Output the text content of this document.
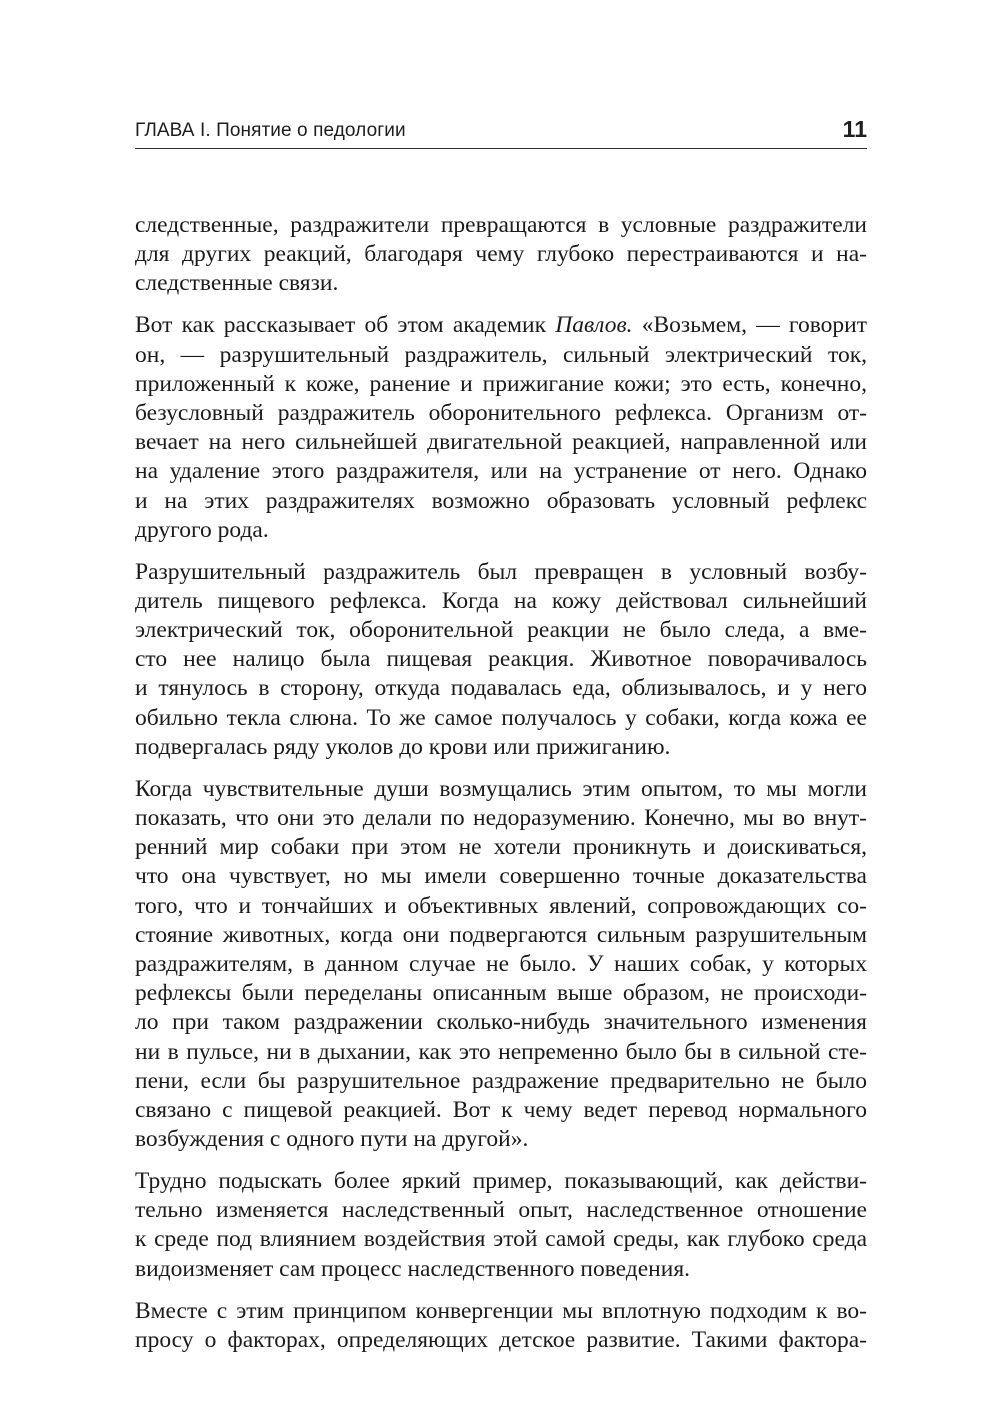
ГЛАВА I. Понятие о педологии	11

следственные, раздражители превращаются в условные раздражители
для других реакций, благодаря чему глубоко перестраиваются и на-
следственные связи.

Вот как рассказывает об этом академик Павлов. «Возьмем, — говорит
он, — разрушительный раздражитель, сильный электрический ток,
приложенный к коже, ранение и прижигание кожи; это есть, конечно,
безусловный раздражитель оборонительного рефлекса. Организм от-
вечает на него сильнейшей двигательной реакцией, направленной или
на удаление этого раздражителя, или на устранение от него. Однако
и на этих раздражителях возможно образовать условный рефлекс
другого рода.

Разрушительный раздражитель был превращен в условный возбу-
дитель пищевого рефлекса. Когда на кожу действовал сильнейший
электрический ток, оборонительной реакции не было следа, а вме-
сто нее налицо была пищевая реакция. Животное поворачивалось
и тянулось в сторону, откуда подавалась еда, облизывалось, и у него
обильно текла слюна. То же самое получалось у собаки, когда кожа ее
подвергалась ряду уколов до крови или прижиганию.

Когда чувствительные души возмущались этим опытом, то мы могли
показать, что они это делали по недоразумению. Конечно, мы во внут-
ренний мир собаки при этом не хотели проникнуть и доискиваться,
что она чувствует, но мы имели совершенно точные доказательства
того, что и тончайших и объективных явлений, сопровождающих со-
стояние животных, когда они подвергаются сильным разрушительным
раздражителям, в данном случае не было. У наших собак, у которых
рефлексы были переделаны описанным выше образом, не происходи-
ло при таком раздражении сколько-нибудь значительного изменения
ни в пульсе, ни в дыхании, как это непременно было бы в сильной сте-
пени, если бы разрушительное раздражение предварительно не было
связано с пищевой реакцией. Вот к чему ведет перевод нормального
возбуждения с одного пути на другой».

Трудно подыскать более яркий пример, показывающий, как действи-
тельно изменяется наследственный опыт, наследственное отношение
к среде под влиянием воздействия этой самой среды, как глубоко среда
видоизменяет сам процесс наследственного поведения.

Вместе с этим принципом конвергенции мы вплотную подходим к во-
просу о факторах, определяющих детское развитие. Такими фактора-
